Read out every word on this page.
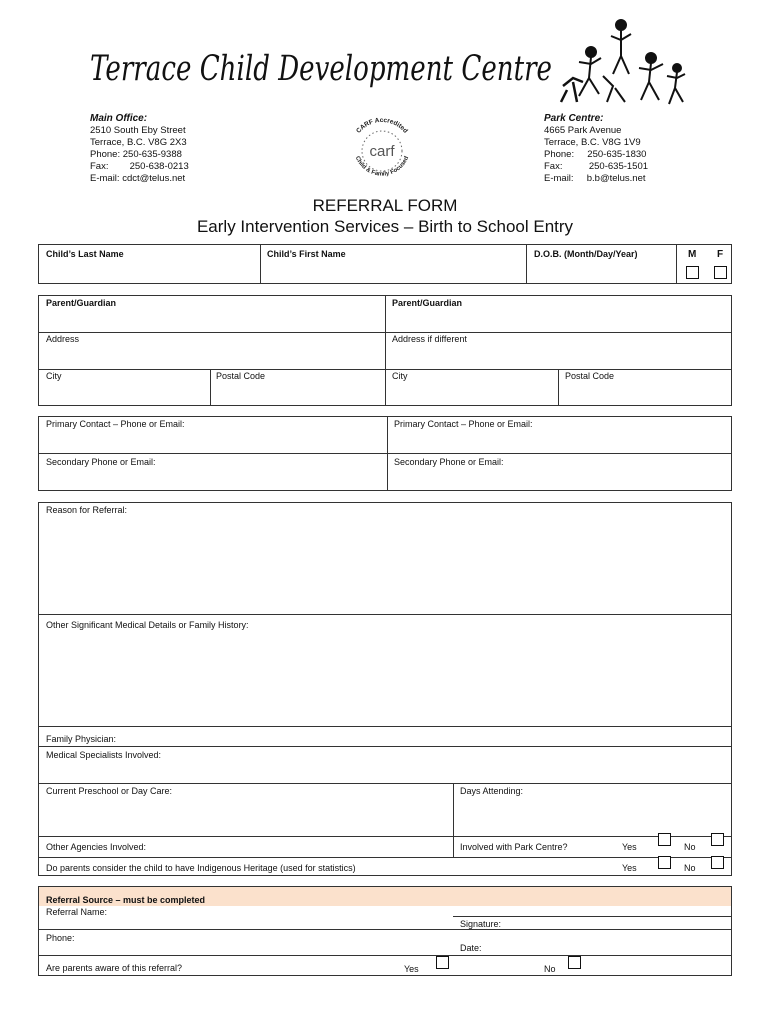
Terrace Child Development Centre
Main Office:
2510 South Eby Street
Terrace, B.C. V8G 2X3
Phone: 250-635-9388
Fax:        250-638-0213
E-mail: cdct@telus.net
CARF Accredited
Child & Family Focused
carf
Park Centre:
4665 Park Avenue
Terrace, B.C. V8G 1V9
Phone:     250-635-1830
Fax:          250-635-1501
E-mail:     b.b@telus.net
REFERRAL FORM
Early Intervention Services – Birth to School Entry
Child’s Last Name	Child’s First Name	D.O.B. (Month/Day/Year)	M F
Parent/Guardian	Parent/Guardian
Address	Address if different
City	Postal Code	City	Postal Code
Primary Contact – Phone or Email:	Primary Contact – Phone or Email:
Secondary Phone or Email:	Secondary Phone or Email:
Reason for Referral:
Other Significant Medical Details or Family History:
Family Physician:
Medical Specialists Involved:
Current Preschool or Day Care:	Days Attending:
Other Agencies Involved:	Involved with Park Centre?	Yes	No
Do parents consider the child to have Indigenous Heritage (used for statistics)	Yes	No
Referral Source – must be completed
Referral Name:
Signature:
Phone:
Date:
Are parents aware of this referral?	Yes	No
